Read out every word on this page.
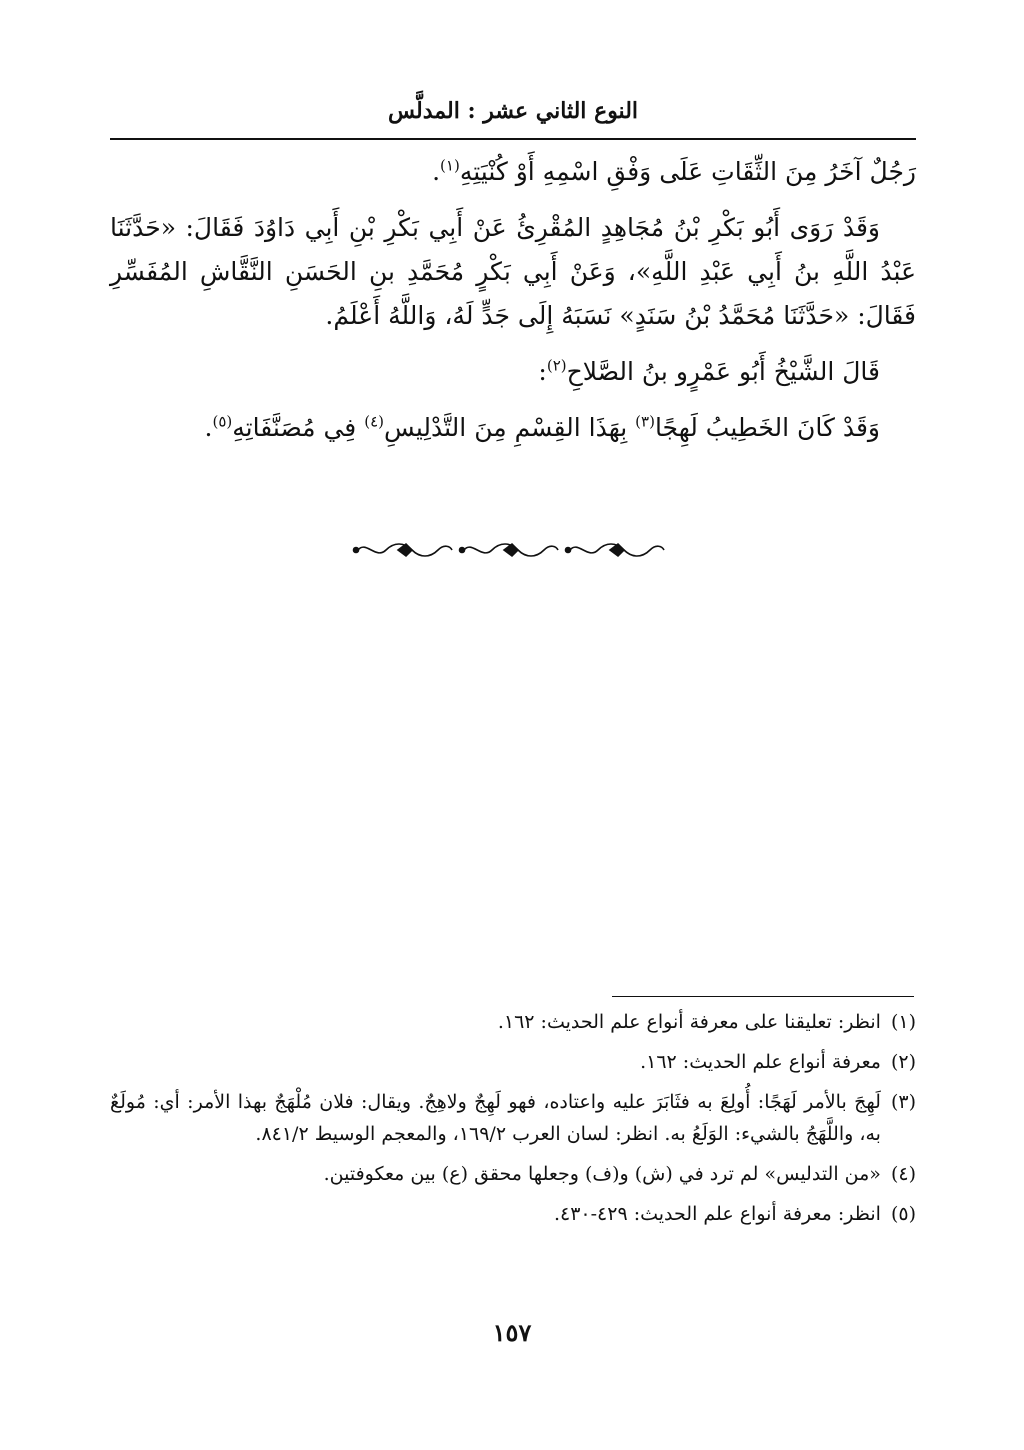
النوع الثاني عشر : المدلَّس

رَجُلٌ آخَرُ مِنَ الثِّقَاتِ عَلَى وَفْقِ اسْمِهِ أَوْ كُنْيَتِهِ$^{(١)}$.

وَقَدْ رَوَى أَبُو بَكْرِ بْنُ مُجَاهِدٍ المُقْرِئُ عَنْ أَبِي بَكْرِ بْنِ أَبِي دَاوُدَ فَقَالَ: «حَدَّثَنَا عَبْدُ اللَّهِ بنُ أَبِي عَبْدِ اللَّهِ»، وَعَنْ أَبِي بَكْرٍ مُحَمَّدِ بنِ الحَسَنِ النَّقَّاشِ المُفَسِّرِ فَقَالَ: «حَدَّثَنَا مُحَمَّدُ بْنُ سَنَدٍ» نَسَبَهُ إِلَى جَدٍّ لَهُ، وَاللَّهُ أَعْلَمُ.

قَالَ الشَّيْخُ أَبُو عَمْرٍو بنُ الصَّلاحِ$^{(٢)}$:

وَقَدْ كَانَ الخَطِيبُ لَهِجًا$^{(٣)}$ بِهَذَا القِسْمِ مِنَ التَّدْلِيسِ$^{(٤)}$ فِي مُصَنَّفَاتِهِ$^{(٥)}$.

(١)
انظر: تعليقنا على معرفة أنواع علم الحديث: ١٦٢.
(٢)
معرفة أنواع علم الحديث: ١٦٢.
(٣)
لَهِجَ بالأمر لَهَجًا: أُولِعَ به فثَابَرَ عليه واعتاده، فهو لَهِجٌ ولاهِجٌ. ويقال: فلان مُلْهَجٌ بهذا الأمر: أي: مُولَعٌ به، واللَّهَجُ بالشيء: الوَلَعُ به. انظر: لسان العرب ١٦٩/٢، والمعجم الوسيط ٨٤١/٢.
(٤)
«من التدليس» لم ترد في (ش) و(ف) وجعلها محقق (ع) بين معكوفتين.
(٥)
انظر: معرفة أنواع علم الحديث: ٤٢٩-٤٣٠.
١٥٧
